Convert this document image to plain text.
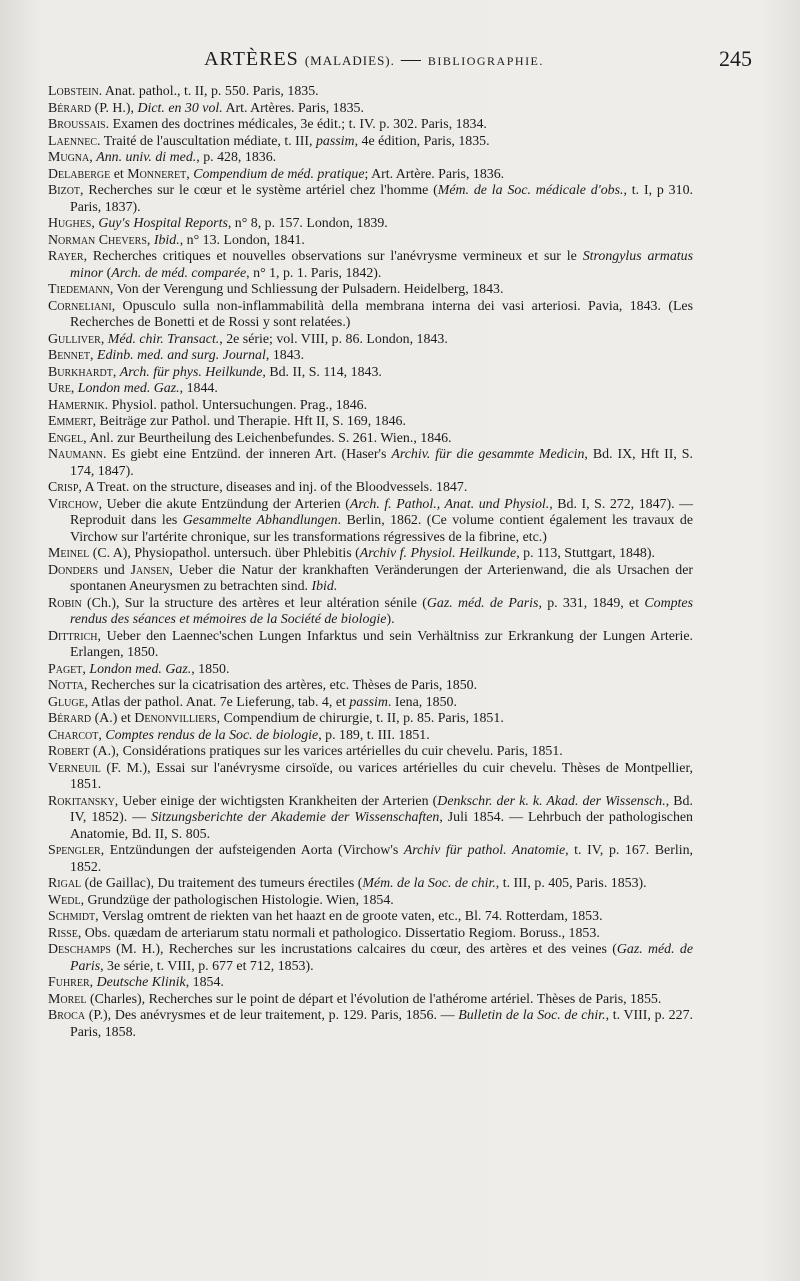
ARTÈRES (MALADIES). — BIBLIOGRAPHIE.	245

Lobstein. Anat. pathol., t. II, p. 550. Paris, 1835.

Bérard (P. H.), Dict. en 30 vol. Art. Artères. Paris, 1835.

Broussais. Examen des doctrines médicales, 3e édit.; t. IV. p. 302. Paris, 1834.

Laennec. Traité de l'auscultation médiate, t. III, passim, 4e édition, Paris, 1835.

Mugna, Ann. univ. di med., p. 428, 1836.

Delaberge et Monneret, Compendium de méd. pratique; Art. Artère. Paris, 1836.

Bizot, Recherches sur le cœur et le système artériel chez l'homme (Mém. de la Soc. médicale d'obs., t. I, p 310. Paris, 1837).

Hughes, Guy's Hospital Reports, n° 8, p. 157. London, 1839.

Norman Chevers, Ibid., n° 13. London, 1841.

Rayer, Recherches critiques et nouvelles observations sur l'anévrysme vermineux et sur le Strongylus armatus minor (Arch. de méd. comparée, n° 1, p. 1. Paris, 1842).

Tiedemann, Von der Verengung und Schliessung der Pulsadern. Heidelberg, 1843.

Corneliani, Opusculo sulla non-inflammabilità della membrana interna dei vasi arteriosi. Pavia, 1843. (Les Recherches de Bonetti et de Rossi y sont relatées.)

Gulliver, Méd. chir. Transact., 2e série; vol. VIII, p. 86. London, 1843.

Bennet, Edinb. med. and surg. Journal, 1843.

Burkhardt, Arch. für phys. Heilkunde, Bd. II, S. 114, 1843.

Ure, London med. Gaz., 1844.

Hamernik. Physiol. pathol. Untersuchungen. Prag., 1846.

Emmert, Beiträge zur Pathol. und Therapie. Hft II, S. 169, 1846.

Engel, Anl. zur Beurtheilung des Leichenbefundes. S. 261. Wien., 1846.

Naumann. Es giebt eine Entzünd. der inneren Art. (Haser's Archiv. für die gesammte Medicin, Bd. IX, Hft II, S. 174, 1847).

Crisp, A Treat. on the structure, diseases and inj. of the Bloodvessels. 1847.

Virchow, Ueber die akute Entzündung der Arterien (Arch. f. Pathol., Anat. und Physiol., Bd. I, S. 272, 1847). — Reproduit dans les Gesammelte Abhandlungen. Berlin, 1862. (Ce volume contient également les travaux de Virchow sur l'artérite chronique, sur les transformations régressives de la fibrine, etc.)

Meinel (C. A), Physiopathol. untersuch. über Phlebitis (Archiv f. Physiol. Heilkunde, p. 113, Stuttgart, 1848).

Donders und Jansen, Ueber die Natur der krankhaften Veränderungen der Arterienwand, die als Ursachen der spontanen Aneurysmen zu betrachten sind. Ibid.

Robin (Ch.), Sur la structure des artères et leur altération sénile (Gaz. méd. de Paris, p. 331, 1849, et Comptes rendus des séances et mémoires de la Société de biologie).

Dittrich, Ueber den Laennec'schen Lungen Infarktus und sein Verhältniss zur Erkrankung der Lungen Arterie. Erlangen, 1850.

Paget, London med. Gaz., 1850.

Notta, Recherches sur la cicatrisation des artères, etc. Thèses de Paris, 1850.

Gluge, Atlas der pathol. Anat. 7e Lieferung, tab. 4, et passim. Iena, 1850.

Bérard (A.) et Denonvilliers, Compendium de chirurgie, t. II, p. 85. Paris, 1851.

Charcot, Comptes rendus de la Soc. de biologie, p. 189, t. III. 1851.

Robert (A.), Considérations pratiques sur les varices artérielles du cuir chevelu. Paris, 1851.

Verneuil (F. M.), Essai sur l'anévrysme cirsoïde, ou varices artérielles du cuir chevelu. Thèses de Montpellier, 1851.

Rokitansky, Ueber einige der wichtigsten Krankheiten der Arterien (Denkschr. der k. k. Akad. der Wissensch., Bd. IV, 1852). — Sitzungsberichte der Akademie der Wissenschaften, Juli 1854. — Lehrbuch der pathologischen Anatomie, Bd. II, S. 805.

Spengler, Entzündungen der aufsteigenden Aorta (Virchow's Archiv für pathol. Anatomie, t. IV, p. 167. Berlin, 1852.

Rigal (de Gaillac), Du traitement des tumeurs érectiles (Mém. de la Soc. de chir., t. III, p. 405, Paris. 1853).

Wedl, Grundzüge der pathologischen Histologie. Wien, 1854.

Schmidt, Verslag omtrent de riekten van het haazt en de groote vaten, etc., Bl. 74. Rotterdam, 1853.

Risse, Obs. quædam de arteriarum statu normali et pathologico. Dissertatio Regiom. Boruss., 1853.

Deschamps (M. H.), Recherches sur les incrustations calcaires du cœur, des artères et des veines (Gaz. méd. de Paris, 3e série, t. VIII, p. 677 et 712, 1853).

Fuhrer, Deutsche Klinik, 1854.

Morel (Charles), Recherches sur le point de départ et l'évolution de l'athérome artériel. Thèses de Paris, 1855.

Broca (P.), Des anévrysmes et de leur traitement, p. 129. Paris, 1856. — Bulletin de la Soc. de chir., t. VIII, p. 227. Paris, 1858.
